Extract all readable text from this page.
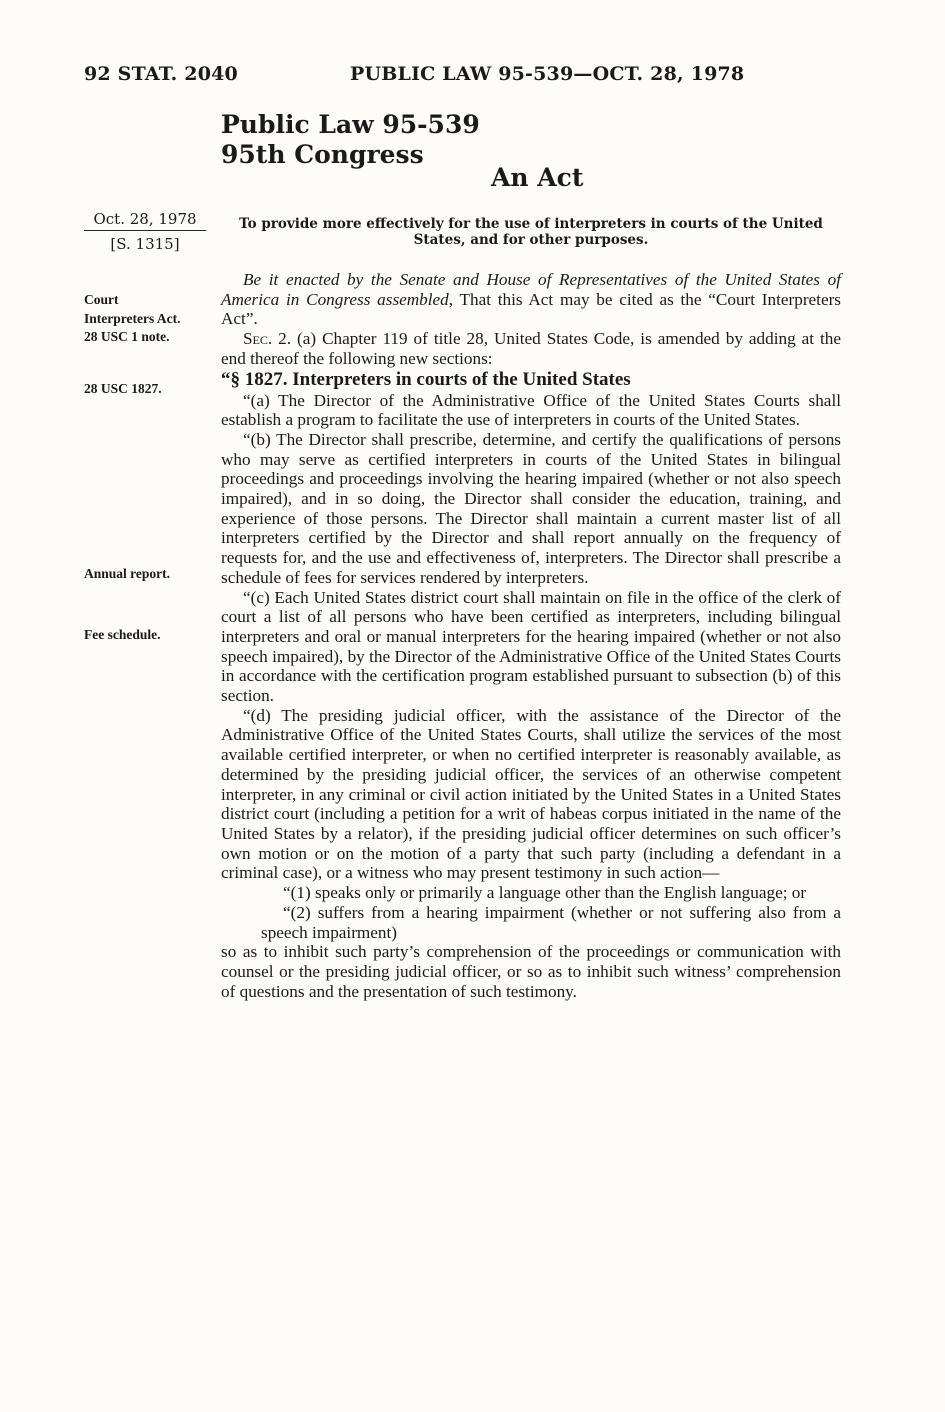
92 STAT. 2040	PUBLIC LAW 95-539—OCT. 28, 1978
Public Law 95-539
95th Congress
An Act
Oct. 28, 1978
[S. 1315]
To provide more effectively for the use of interpreters in courts of the United States, and for other purposes.
Court
Interpreters Act.
28 USC 1 note.
28 USC 1827.
Annual report.
Fee schedule.

Be it enacted by the Senate and House of Representatives of the United States of America in Congress assembled, That this Act may be cited as the “Court Interpreters Act”.

Sec. 2. (a) Chapter 119 of title 28, United States Code, is amended by adding at the end thereof the following new sections:

“§ 1827. Interpreters in courts of the United States

“(a) The Director of the Administrative Office of the United States Courts shall establish a program to facilitate the use of interpreters in courts of the United States.

“(b) The Director shall prescribe, determine, and certify the qualifications of persons who may serve as certified interpreters in courts of the United States in bilingual proceedings and proceedings involving the hearing impaired (whether or not also speech impaired), and in so doing, the Director shall consider the education, training, and experience of those persons. The Director shall maintain a current master list of all interpreters certified by the Director and shall report annually on the frequency of requests for, and the use and effectiveness of, interpreters. The Director shall prescribe a schedule of fees for services rendered by interpreters.

“(c) Each United States district court shall maintain on file in the office of the clerk of court a list of all persons who have been certified as interpreters, including bilingual interpreters and oral or manual interpreters for the hearing impaired (whether or not also speech impaired), by the Director of the Administrative Office of the United States Courts in accordance with the certification program established pursuant to subsection (b) of this section.

“(d) The presiding judicial officer, with the assistance of the Director of the Administrative Office of the United States Courts, shall utilize the services of the most available certified interpreter, or when no certified interpreter is reasonably available, as determined by the presiding judicial officer, the services of an otherwise competent interpreter, in any criminal or civil action initiated by the United States in a United States district court (including a petition for a writ of habeas corpus initiated in the name of the United States by a relator), if the presiding judicial officer determines on such officer’s own motion or on the motion of a party that such party (including a defendant in a criminal case), or a witness who may present testimony in such action—

“(1) speaks only or primarily a language other than the English language; or

“(2) suffers from a hearing impairment (whether or not suffering also from a speech impairment)

so as to inhibit such party’s comprehension of the proceedings or communication with counsel or the presiding judicial officer, or so as to inhibit such witness’ comprehension of questions and the presentation of such testimony.
